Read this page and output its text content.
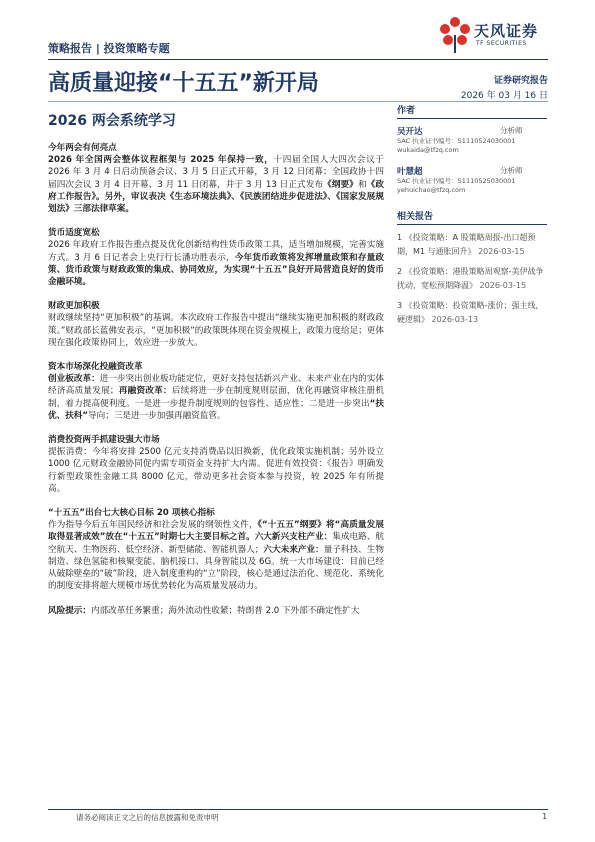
策略报告 | 投资策略专题
天风证券
TF SECURITIES
高质量迎接“十五五”新开局	证券研究报告
2026 年 03 月 16 日
2026 两会系统学习

今年两会有何亮点

2026 年全国两会整体议程框架与 2025 年保持一致，十四届全国人大四次会议于 2026 年 3 月 4 日启动预备会议、3 月 5 日正式开幕，3 月 12 日闭幕；全国政协十四届四次会议 3 月 4 日开幕、3 月 11 日闭幕，并于 3 月 13 日正式发布《纲要》和《政府工作报告》。另外，审议表决《生态环境法典》、《民族团结进步促进法》、《国家发展规划法》三部法律草案。

货币适度宽松

2026 年政府工作报告重点提及优化创新结构性货币政策工具，适当增加规模，完善实施方式。3 月 6 日记者会上央行行长潘功胜表示，今年货币政策将发挥增量政策和存量政策、货币政策与财政政策的集成、协同效应，为实现“十五五”良好开局营造良好的货币金融环境。

财政更加积极

财政继续坚持“更加积极”的基调。本次政府工作报告中提出“继续实施更加积极的财政政策。”财政部长蓝佛安表示，“更加积极”的政策既体现在资金规模上，政策力度给足；更体现在强化政策协同上，效应进一步放大。

资本市场深化投融资改革

创业板改革：进一步突出创业板功能定位，更好支持包括新兴产业、未来产业在内的实体经济高质量发展；再融资改革：后续将进一步在制度规则层面，优化再融资审核注册机制，着力提高便利度。一是进一步提升制度规则的包容性、适应性；二是进一步突出“扶优、扶科”导向；三是进一步加强再融资监管。

消费投资两手抓建设强大市场

提振消费：今年将安排 2500 亿元支持消费品以旧换新，优化政策实施机制；另外设立 1000 亿元财政金融协同促内需专项资金支持扩大内需。促进有效投资：《报告》明确发行新型政策性金融工具 8000 亿元，带动更多社会资本参与投资，较 2025 年有所提高。

“十五五”出台七大核心目标 20 项核心指标

作为指导今后五年国民经济和社会发展的纲领性文件，《“十五五”纲要》将“高质量发展取得显著成效”放在“十五五”时期七大主要目标之首。六大新兴支柱产业：集成电路、航空航天、生物医药、低空经济、新型储能、智能机器人；六大未来产业：量子科技、生物制造、绿色氢能和核聚变能、脑机接口、具身智能以及 6G。统一大市场建设：目前已经从破除壁垒的“破”阶段，进入制度重构的“立”阶段，核心是通过法治化、规范化、系统化的制度安排将超大规模市场优势转化为高质量发展动力。

风险提示：内部改革任务繁重；海外流动性收紧；特朗普 2.0 下外部不确定性扩大

作者
吴开达	分析师
SAC 执业证书编号：S1110524030001
wukaida@tfzq.com
叶慧超	分析师
SAC 执业证书编号：S1110525030001
yehuichao@tfzq.com
相关报告
1 《投资策略：A 股策略周报-出口超预期，M1 与通胀回升》 2026-03-15
2 《投资策略：港股策略周观察-美伊战争扰动，宽松预期降温》 2026-03-15
3 《投资策略：投资策略-涨价；强主线，硬逻辑》 2026-03-13
请务必阅读正文之后的信息披露和免责申明	1
